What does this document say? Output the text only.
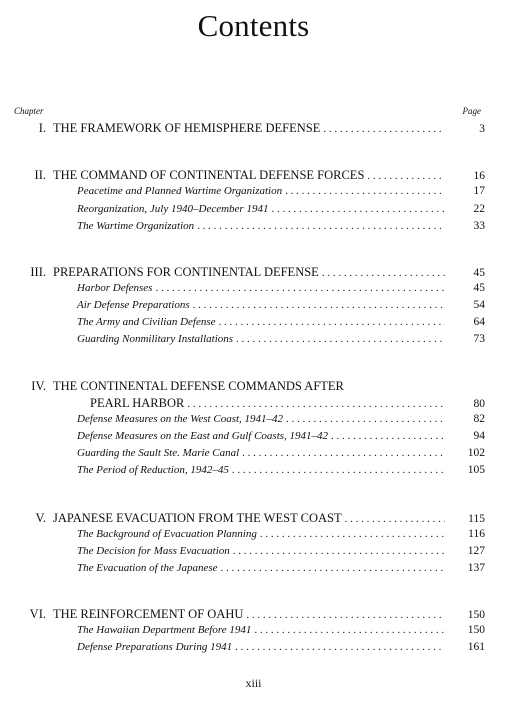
Contents
Chapter	Page
I. THE FRAMEWORK OF HEMISPHERE DEFENSE . . .	3
II. THE COMMAND OF CONTINENTAL DEFENSE FORCES . . .	16
Peacetime and Planned Wartime Organization . . .	17
Reorganization, July 1940–December 1941 . . .	22
The Wartime Organization . . .	33
III. PREPARATIONS FOR CONTINENTAL DEFENSE . . .	45
Harbor Defenses . . .	45
Air Defense Preparations . . .	54
The Army and Civilian Defense . . .	64
Guarding Nonmilitary Installations . . .	73
IV. THE CONTINENTAL DEFENSE COMMANDS AFTER
PEARL HARBOR . . .	80
Defense Measures on the West Coast, 1941–42 . . .	82
Defense Measures on the East and Gulf Coasts, 1941–42 . . .	94
Guarding the Sault Ste. Marie Canal . . .	102
The Period of Reduction, 1942–45 . . .	105
V. JAPANESE EVACUATION FROM THE WEST COAST . . .	115
The Background of Evacuation Planning . . .	116
The Decision for Mass Evacuation . . .	127
The Evacuation of the Japanese . . .	137
VI. THE REINFORCEMENT OF OAHU . . .	150
The Hawaiian Department Before 1941 . . .	150
Defense Preparations During 1941 . . .	161
xiii
